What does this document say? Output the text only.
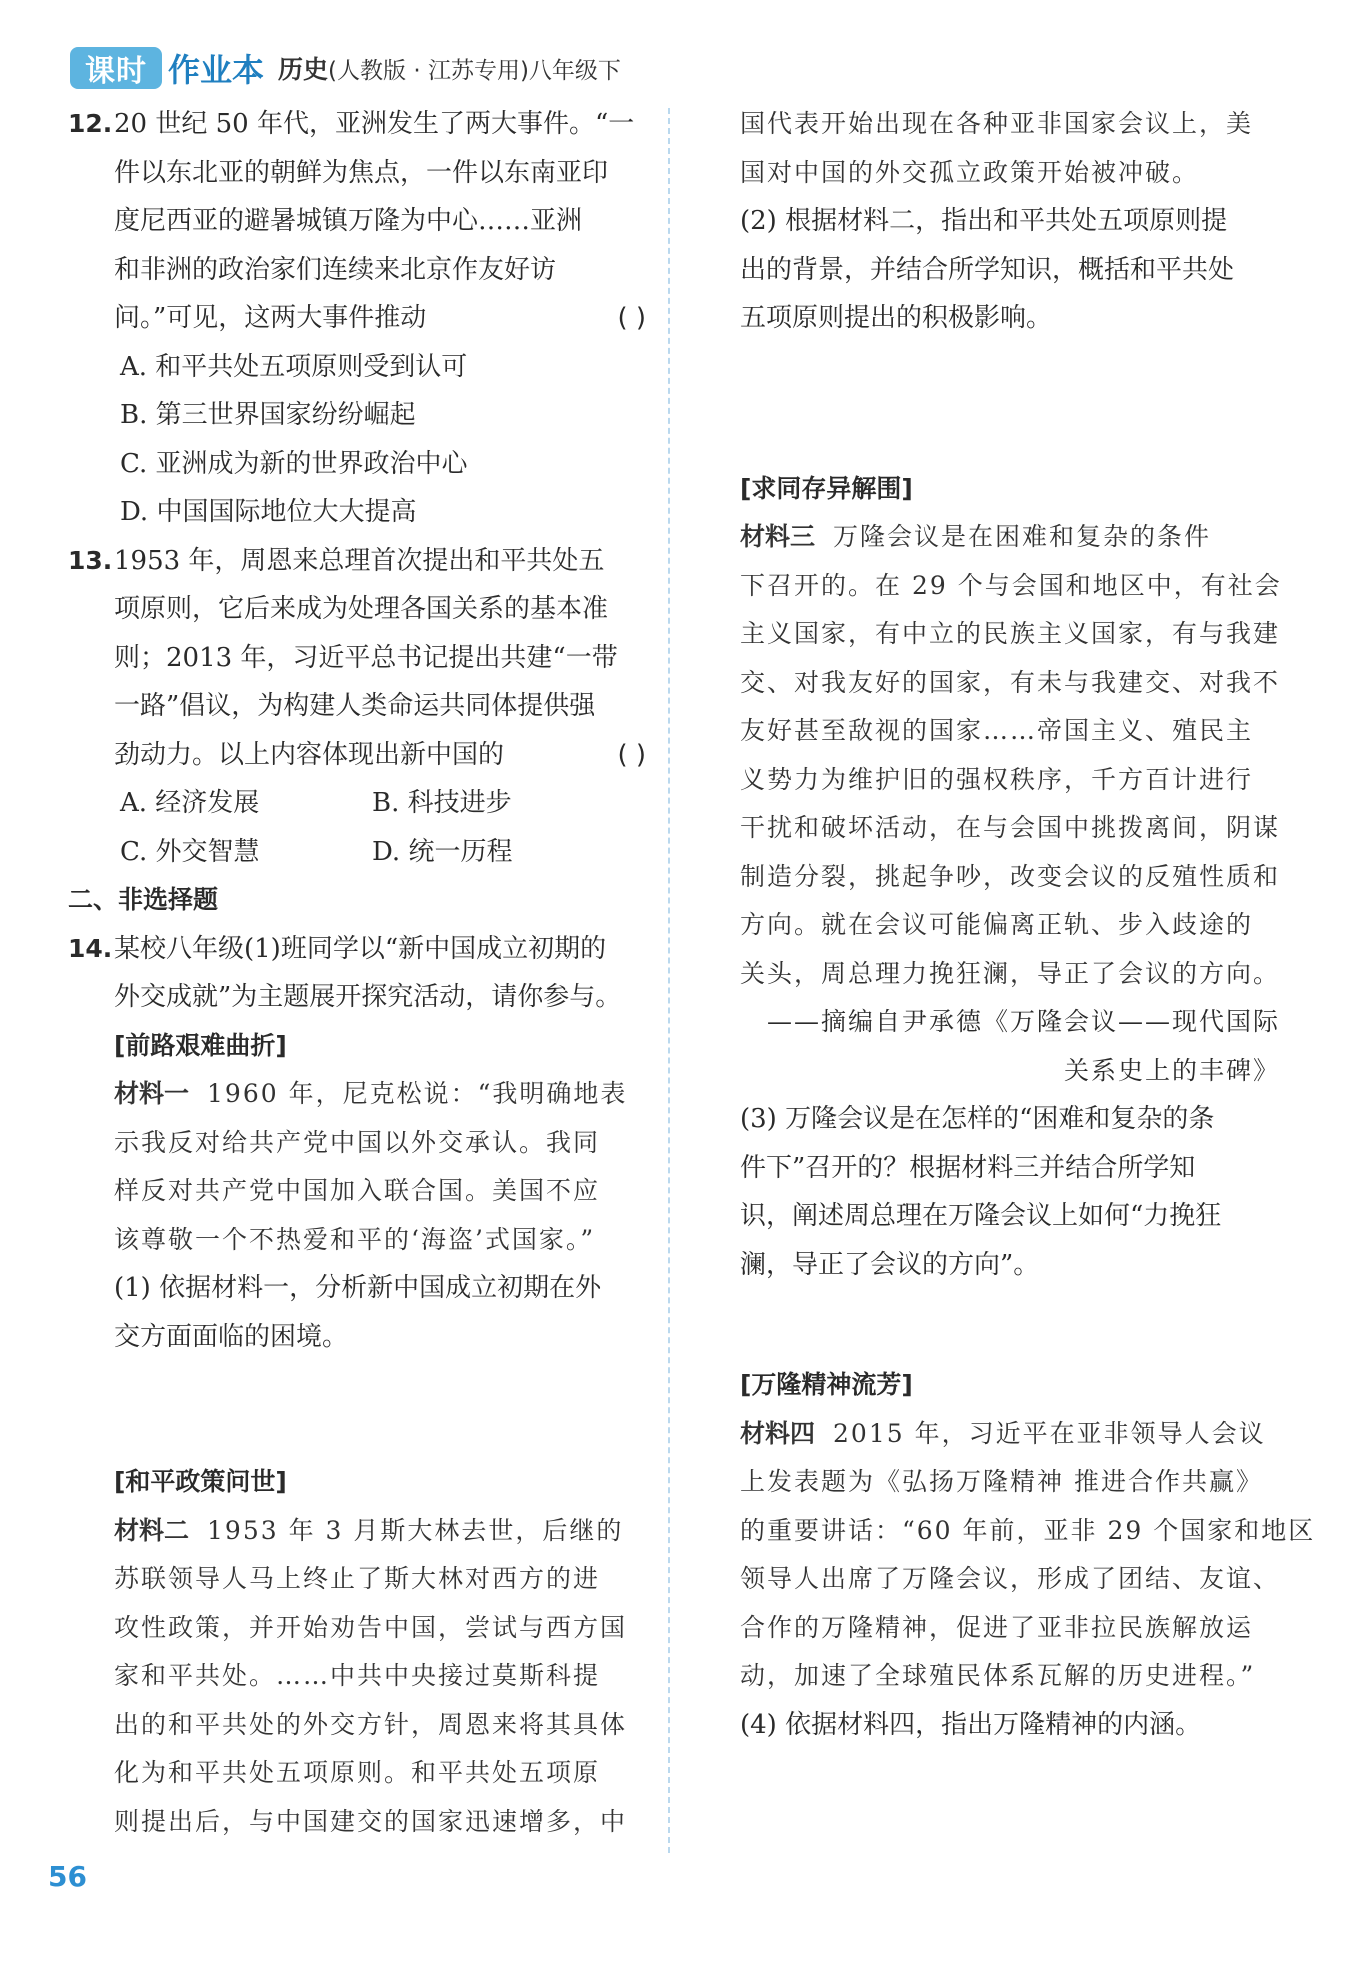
课时 作业本 历史(人教版 · 江苏专用)八年级下
12. 20 世纪 50 年代，亚洲发生了两大事件。“一
件以东北亚的朝鲜为焦点，一件以东南亚印
度尼西亚的避暑城镇万隆为中心……亚洲
和非洲的政治家们连续来北京作友好访
( )
问。”可见，这两大事件推动
A. 和平共处五项原则受到认可
B. 第三世界国家纷纷崛起
C. 亚洲成为新的世界政治中心
D. 中国国际地位大大提高
13. 1953 年，周恩来总理首次提出和平共处五
项原则，它后来成为处理各国关系的基本准
则；2013 年，习近平总书记提出共建“一带
一路”倡议，为构建人类命运共同体提供强
( )
劲动力。以上内容体现出新中国的
A. 经济发展	B. 科技进步
C. 外交智慧	D. 统一历程
二、非选择题
14. 某校八年级(1)班同学以“新中国成立初期的
外交成就”为主题展开探究活动，请你参与。
[前路艰难曲折]
材料一 1960 年，尼克松说：“我明确地表
示我反对给共产党中国以外交承认。我同
样反对共产党中国加入联合国。美国不应
该尊敬一个不热爱和平的‘海盗’式国家。”
(1) 依据材料一，分析新中国成立初期在外
交方面面临的困境。
[和平政策问世]
材料二 1953 年 3 月斯大林去世，后继的
苏联领导人马上终止了斯大林对西方的进
攻性政策，并开始劝告中国，尝试与西方国
家和平共处。……中共中央接过莫斯科提
出的和平共处的外交方针，周恩来将其具体
化为和平共处五项原则。和平共处五项原
则提出后，与中国建交的国家迅速增多，中
国代表开始出现在各种亚非国家会议上，美
国对中国的外交孤立政策开始被冲破。
(2) 根据材料二，指出和平共处五项原则提
出的背景，并结合所学知识，概括和平共处
五项原则提出的积极影响。
[求同存异解围]
材料三 万隆会议是在困难和复杂的条件
下召开的。在 29 个与会国和地区中，有社会
主义国家，有中立的民族主义国家，有与我建
交、对我友好的国家，有未与我建交、对我不
友好甚至敌视的国家……帝国主义、殖民主
义势力为维护旧的强权秩序，千方百计进行
干扰和破坏活动，在与会国中挑拨离间，阴谋
制造分裂，挑起争吵，改变会议的反殖性质和
方向。就在会议可能偏离正轨、步入歧途的
关头，周总理力挽狂澜，导正了会议的方向。
——摘编自尹承德《万隆会议——现代国际
关系史上的丰碑》
(3) 万隆会议是在怎样的“困难和复杂的条
件下”召开的？根据材料三并结合所学知
识，阐述周总理在万隆会议上如何“力挽狂
澜，导正了会议的方向”。
[万隆精神流芳]
材料四 2015 年，习近平在亚非领导人会议
上发表题为《弘扬万隆精神 推进合作共赢》
的重要讲话：“60 年前，亚非 29 个国家和地区
领导人出席了万隆会议，形成了团结、友谊、
合作的万隆精神，促进了亚非拉民族解放运
动，加速了全球殖民体系瓦解的历史进程。”
(4) 依据材料四，指出万隆精神的内涵。
56
